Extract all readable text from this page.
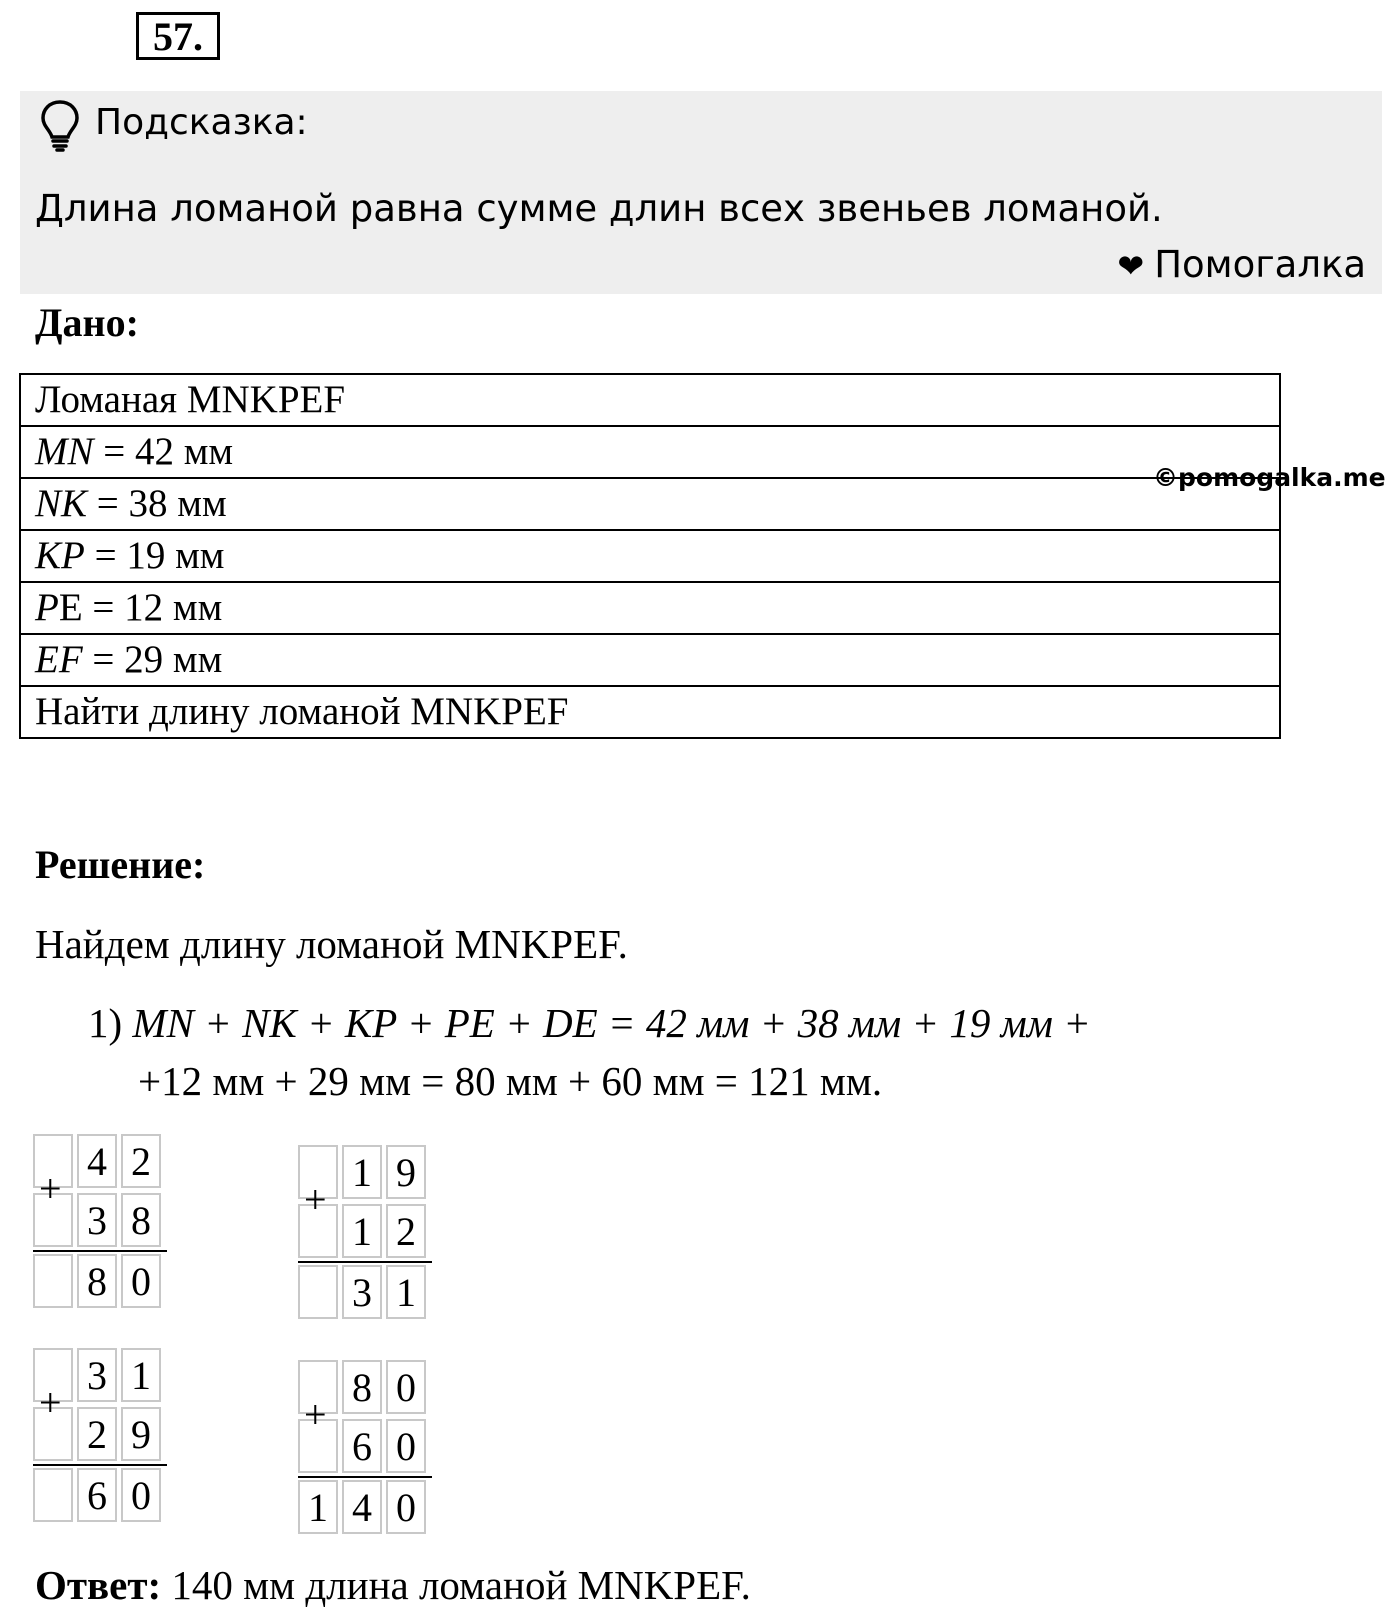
57.
Подсказка:
Длина ломаной равна сумме длин всех звеньев ломаной.
❤ Помогалка
Дано:
Ломаная MNKPEF
MN = 42 мм
NK = 38 мм
KP = 19 мм
PE = 12 мм
EF = 29 мм
Найти длину ломаной MNKPEF
©pomogalka.me
Решение:
Найдем длину ломаной MNKPEF.
1) MN + NK + KP + PE + DE = 42 мм + 38 мм + 19 мм +
+12 мм + 29 мм = 80 мм + 60 мм = 121 мм.
4 2
3 8
8 0
+	1 9
1 2
3 1
+
3 1
2 9
6 0
+	8 0
6 0
1 4 0
+
Ответ: 140 мм длина ломаной MNKPEF.
